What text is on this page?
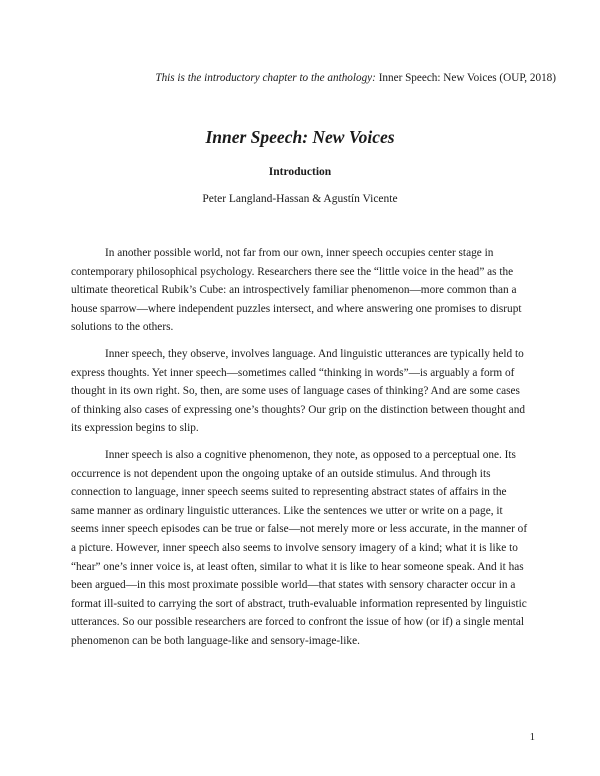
This is the introductory chapter to the anthology: Inner Speech: New Voices (OUP, 2018)
Inner Speech: New Voices
Introduction
Peter Langland-Hassan & Agustín Vicente

In another possible world, not far from our own, inner speech occupies center stage in contemporary philosophical psychology. Researchers there see the “little voice in the head” as the ultimate theoretical Rubik’s Cube: an introspectively familiar phenomenon—more common than a house sparrow—where independent puzzles intersect, and where answering one promises to disrupt solutions to the others.

Inner speech, they observe, involves language. And linguistic utterances are typically held to express thoughts. Yet inner speech—sometimes called “thinking in words”—is arguably a form of thought in its own right. So, then, are some uses of language cases of thinking? And are some cases of thinking also cases of expressing one’s thoughts? Our grip on the distinction between thought and its expression begins to slip.

Inner speech is also a cognitive phenomenon, they note, as opposed to a perceptual one. Its occurrence is not dependent upon the ongoing uptake of an outside stimulus. And through its connection to language, inner speech seems suited to representing abstract states of affairs in the same manner as ordinary linguistic utterances. Like the sentences we utter or write on a page, it seems inner speech episodes can be true or false—not merely more or less accurate, in the manner of a picture. However, inner speech also seems to involve sensory imagery of a kind; what it is like to “hear” one’s inner voice is, at least often, similar to what it is like to hear someone speak. And it has been argued—in this most proximate possible world—that states with sensory character occur in a format ill-suited to carrying the sort of abstract, truth-evaluable information represented by linguistic utterances. So our possible researchers are forced to confront the issue of how (or if) a single mental phenomenon can be both language-like and sensory-image-like.

1
